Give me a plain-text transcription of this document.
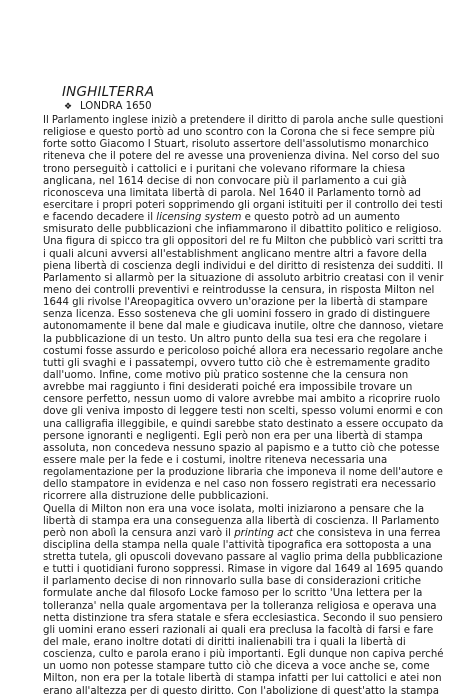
INGHILTERRA
❖ LONDRA 1650
Il Parlamento inglese iniziò a pretendere il diritto di parola anche sulle questioni
religiose e questo portò ad uno scontro con la Corona che si fece sempre più
forte sotto Giacomo I Stuart, risoluto assertore dell'assolutismo monarchico
riteneva che il potere del re avesse una provenienza divina. Nel corso del suo
trono perseguitò i cattolici e i puritani che volevano riformare la chiesa
anglicana, nel 1614 decise di non convocare più il parlamento a cui già
riconosceva una limitata libertà di parola. Nel 1640 il Parlamento tornò ad
esercitare i propri poteri sopprimendo gli organi istituiti per il controllo dei testi
e facendo decadere il licensing system e questo potrò ad un aumento
smisurato delle pubblicazioni che infiammarono il dibattito politico e religioso.
Una figura di spicco tra gli oppositori del re fu Milton che pubblicò vari scritti tra
i quali alcuni avversi all'establishment anglicano mentre altri a favore della
piena libertà di coscienza degli individui e del diritto di resistenza dei sudditi. Il
Parlamento si allarmò per la situazione di assoluto arbitrio creatasi con il venir
meno dei controlli preventivi e reintrodusse la censura, in risposta Milton nel
1644 gli rivolse l'Areopagitica ovvero un'orazione per la libertà di stampare
senza licenza. Esso sosteneva che gli uomini fossero in grado di distinguere
autonomamente il bene dal male e giudicava inutile, oltre che dannoso, vietare
la pubblicazione di un testo. Un altro punto della sua tesi era che regolare i
costumi fosse assurdo e pericoloso poiché allora era necessario regolare anche
tutti gli svaghi e i passatempi, ovvero tutto ciò che è estremamente gradito
dall'uomo. Infine, come motivo più pratico sostenne che la censura non
avrebbe mai raggiunto i fini desiderati poiché era impossibile trovare un
censore perfetto, nessun uomo di valore avrebbe mai ambito a ricoprire ruolo
dove gli veniva imposto di leggere testi non scelti, spesso volumi enormi e con
una calligrafia illeggibile, e quindi sarebbe stato destinato a essere occupato da
persone ignoranti e negligenti. Egli però non era per una libertà di stampa
assoluta, non concedeva nessuno spazio al papismo e a tutto ciò che potesse
essere male per la fede e i costumi, inoltre riteneva necessaria una
regolamentazione per la produzione libraria che imponeva il nome dell'autore e
dello stampatore in evidenza e nel caso non fossero registrati era necessario
ricorrere alla distruzione delle pubblicazioni.
Quella di Milton non era una voce isolata, molti iniziarono a pensare che la
libertà di stampa era una conseguenza alla libertà di coscienza. Il Parlamento
però non abolì la censura anzi varò il printing act che consisteva in una ferrea
disciplina della stampa nella quale l'attività tipografica era sottoposta a una
stretta tutela, gli opuscoli dovevano passare al vaglio prima della pubblicazione
e tutti i quotidiani furono soppressi. Rimase in vigore dal 1649 al 1695 quando
il parlamento decise di non rinnovarlo sulla base di considerazioni critiche
formulate anche dal filosofo Locke famoso per lo scritto 'Una lettera per la
tolleranza' nella quale argomentava per la tolleranza religiosa e operava una
netta distinzione tra sfera statale e sfera ecclesiastica. Secondo il suo pensiero
gli uomini erano esseri razionali ai quali era preclusa la facoltà di farsi e fare
del male, erano inoltre dotati di diritti inalienabili tra i quali la libertà di
coscienza, culto e parola erano i più importanti. Egli dunque non capiva perché
un uomo non potesse stampare tutto ciò che diceva a voce anche se, come
Milton, non era per la totale libertà di stampa infatti per lui cattolici e atei non
erano all'altezza per di questo diritto. Con l'abolizione di quest'atto la stampa
